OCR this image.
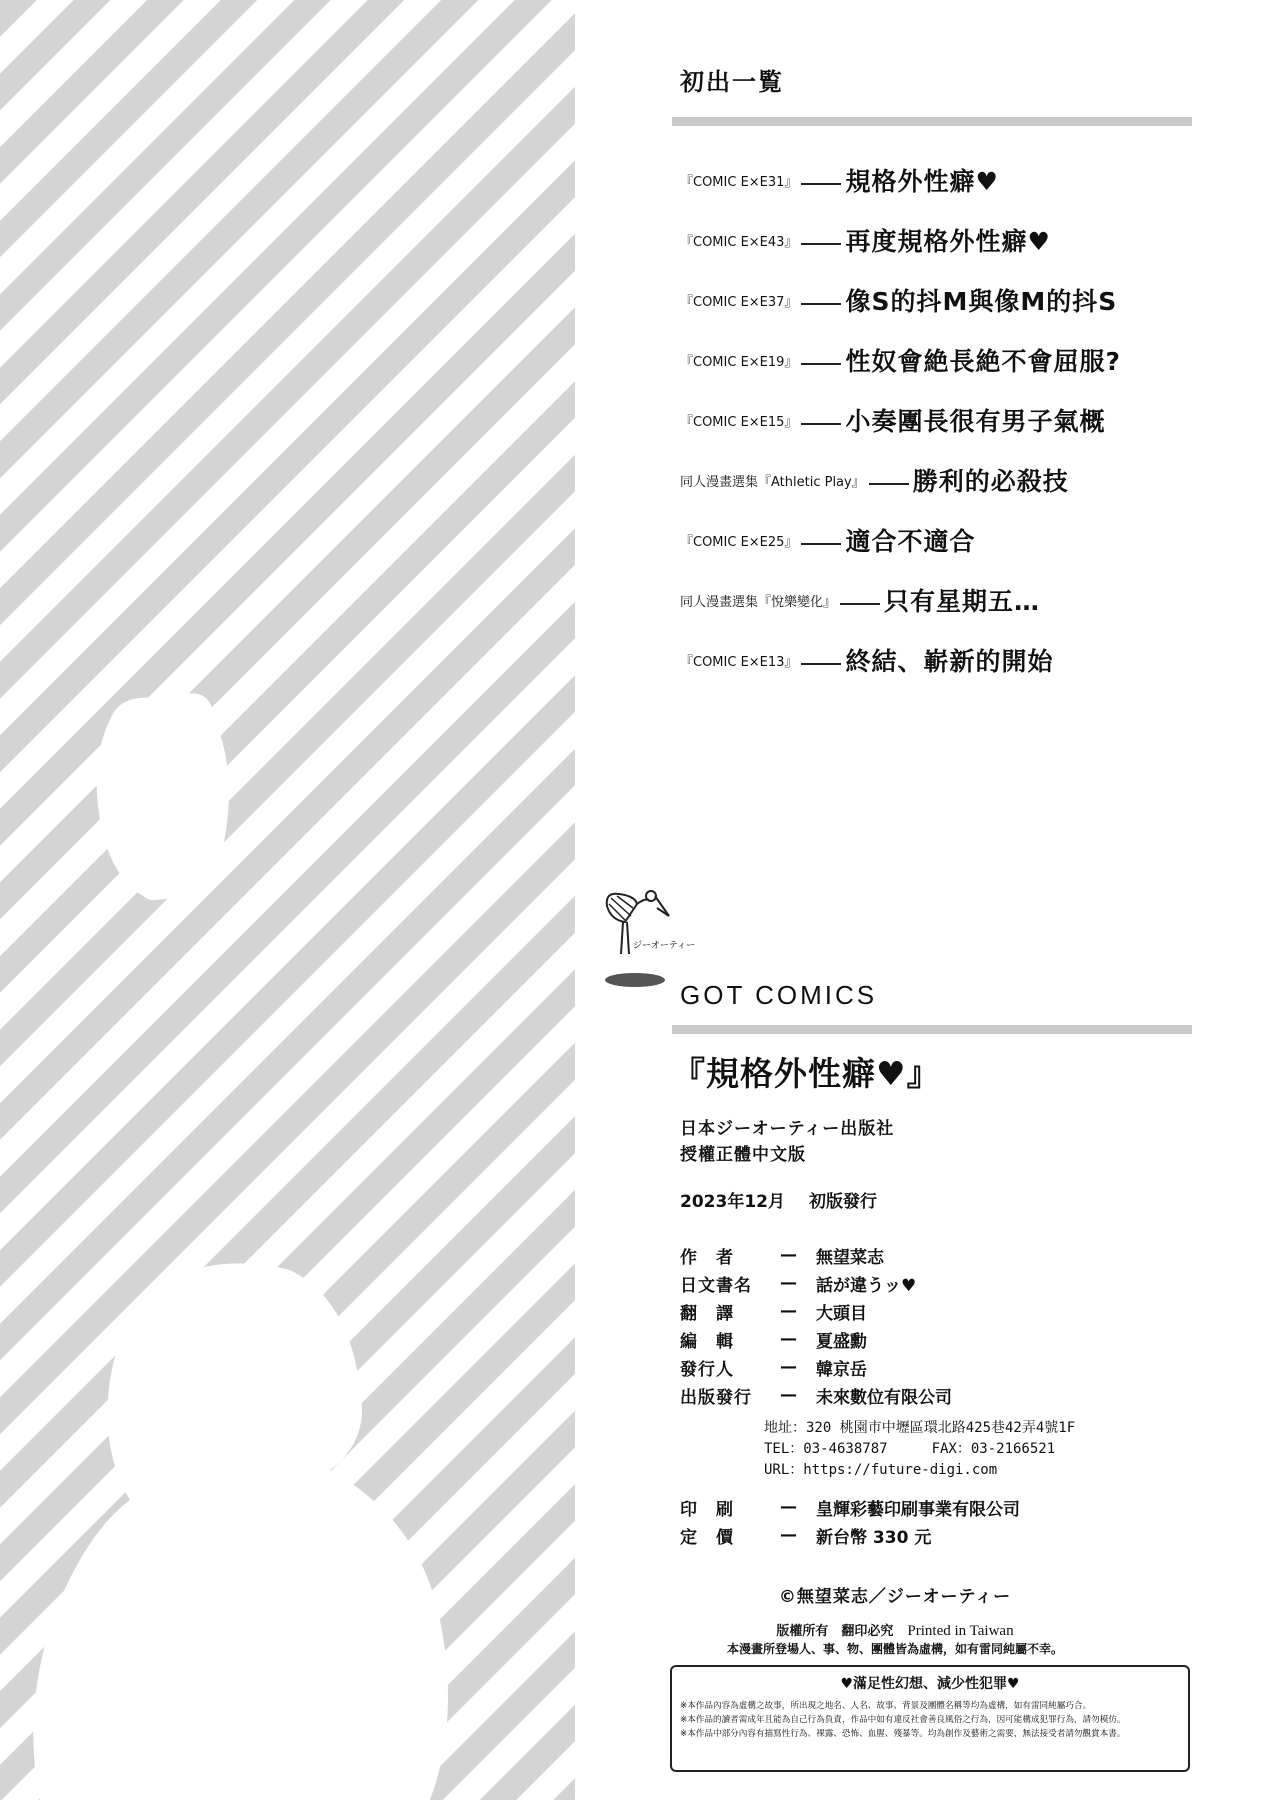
初出一覧
『COMIC E×E31』 規格外性癖♥
『COMIC E×E43』 再度規格外性癖♥
『COMIC E×E37』 像S的抖M與像M的抖S
『COMIC E×E19』 性奴會絶長絶不會屈服?
『COMIC E×E15』 小奏團長很有男子氣概
同人漫畫選集『Athletic Play』 勝利的必殺技
『COMIC E×E25』 適合不適合
同人漫畫選集『悅樂變化』 只有星期五…
『COMIC E×E13』 終結、嶄新的開始
ジーオーティー
GOT COMICS
『規格外性癖♥』
日本ジーオーティー出版社
授權正體中文版
2023年12月 初版發行
作　者	—	無望菜志
日文書名	—	話が違うッ♥
翻　譯	—	大頭目
編　輯	—	夏盛勳
發行人	—	韓京岳
出版發行	—	未來數位有限公司
地址：320 桃園市中壢區環北路425巷42弄4號1F
TEL：03-4638787	FAX：03-2166521
URL：https://future-digi.com
印　刷	—	皇輝彩藝印刷事業有限公司
定　價	—	新台幣 330 元
©無望菜志／ジーオーティー
版權所有　翻印必究 Printed in Taiwan
本漫畫所登場人、事、物、團體皆為虛構，如有雷同純屬不幸。
♥滿足性幻想、減少性犯罪♥
※本作品內容為虛構之故事，所出現之地名、人名、故事、背景及團體名稱等均為虛構，如有雷同純屬巧合。
※本作品的讀者需成年且能為自己行為負責，作品中如有違反社會善良風俗之行為，因可能構成犯罪行為，請勿模仿。
※本作品中部分內容有描寫性行為、裸露、恐怖、血腥、殘暴等。均為創作及藝術之需要，無法接受者請勿觀賞本書。
